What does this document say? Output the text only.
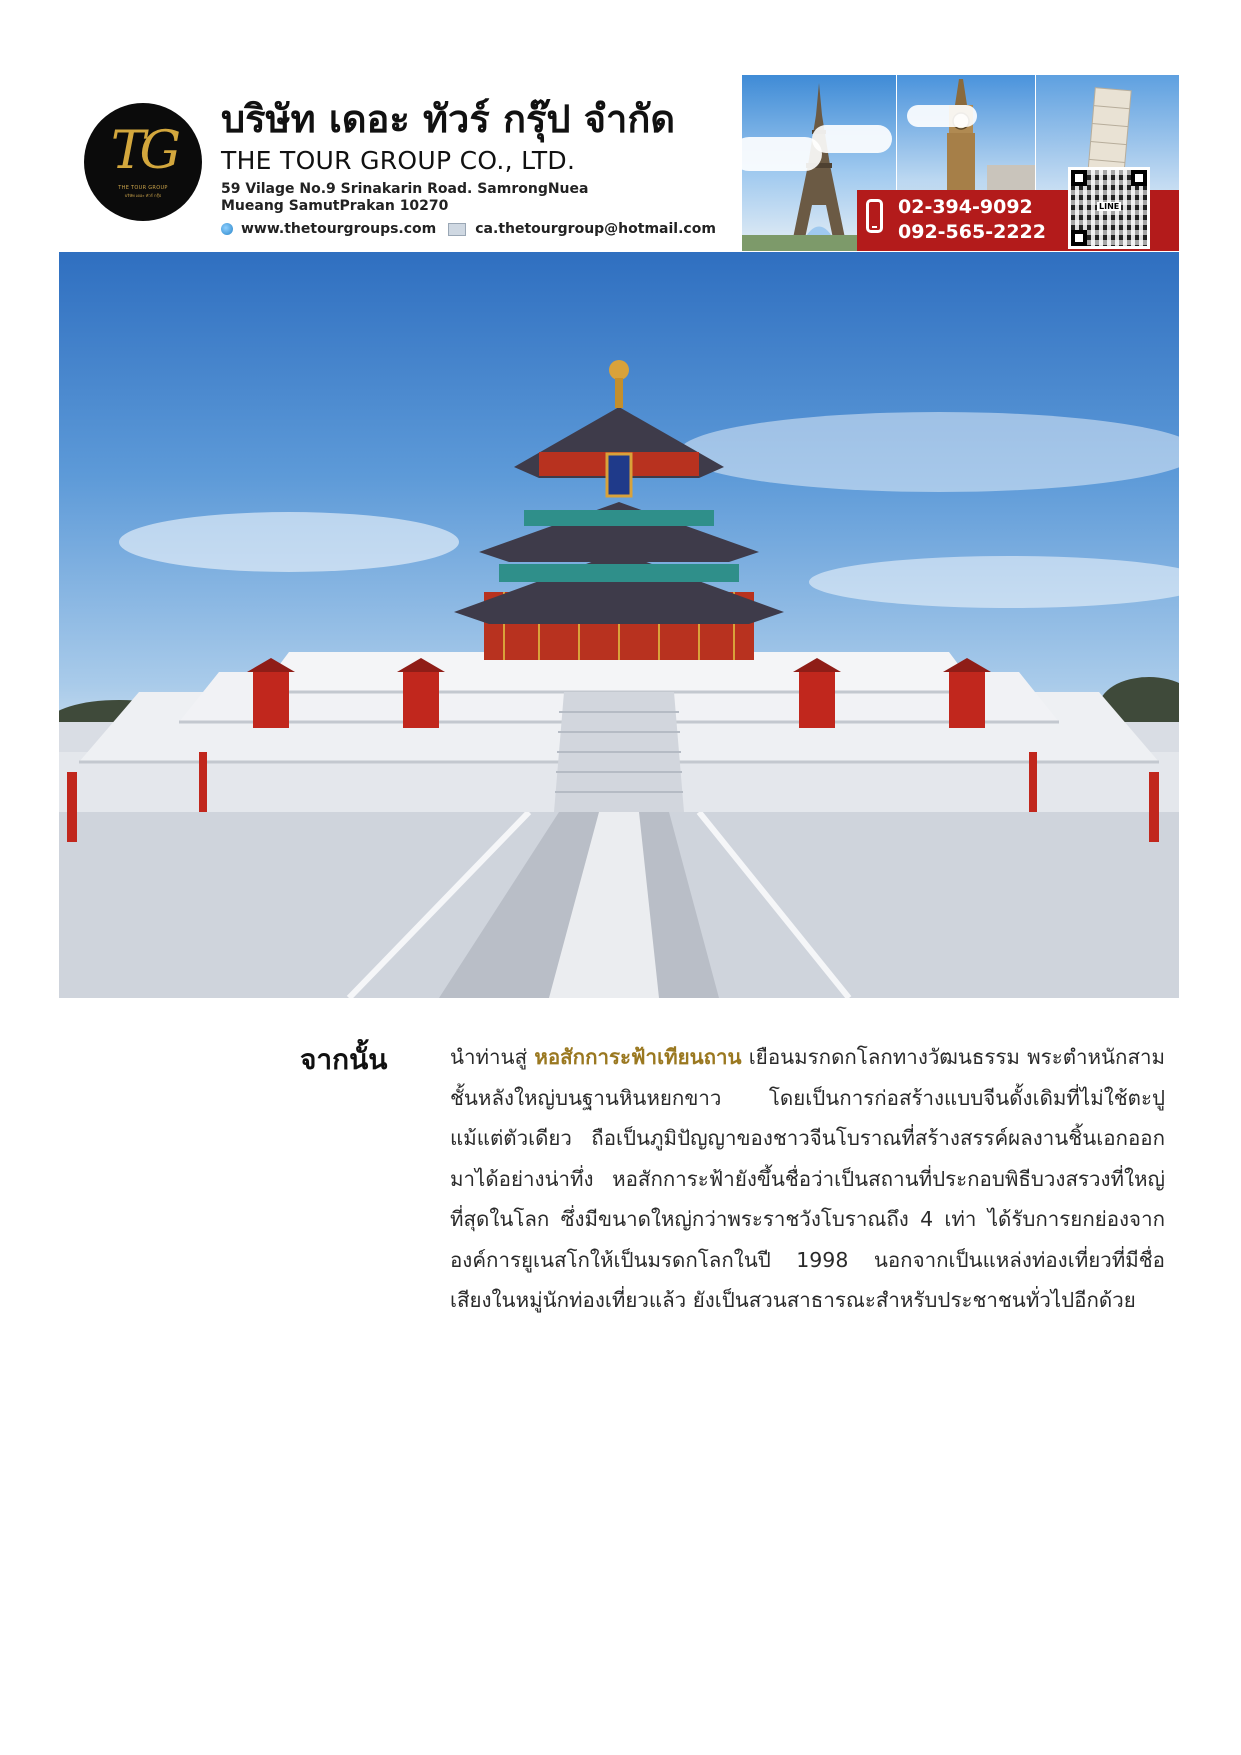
TG
THE TOUR GROUP
บริษัท เดอะ ทัวร์ กรุ๊ป
บริษัท เดอะ ทัวร์ กรุ๊ป จำกัด
THE TOUR GROUP CO., LTD.
59 Vilage No.9 Srinakarin Road. SamrongNuea
Mueang SamutPrakan 10270
www.thetourgroups.com	ca.thetourgroup@hotmail.com
02-394-9092
092-565-2222
LINE
จากนั้น	นำท่านสู่ หอสักการะฟ้าเทียนถาน เยือนมรกดกโลกทางวัฒนธรรม พระตำหนักสามชั้นหลังใหญ่บนฐานหินหยกขาว โดยเป็นการก่อสร้างแบบจีนดั้งเดิมที่ไม่ใช้ตะปูแม้แต่ตัวเดียว ถือเป็นภูมิปัญญาของชาวจีนโบราณที่สร้างสรรค์ผลงานชิ้นเอกออกมาได้อย่างน่าทึ่ง หอสักการะฟ้ายังขึ้นชื่อว่าเป็นสถานที่ประกอบพิธีบวงสรวงที่ใหญ่ที่สุดในโลก ซึ่งมีขนาดใหญ่กว่าพระราชวังโบราณถึง 4 เท่า ได้รับการยกย่องจากองค์การยูเนสโกให้เป็นมรดกโลกในปี 1998 นอกจากเป็นแหล่งท่องเที่ยวที่มีชื่อเสียงในหมู่นักท่องเที่ยวแล้ว ยังเป็นสวนสาธารณะสำหรับประชาชนทั่วไปอีกด้วย
